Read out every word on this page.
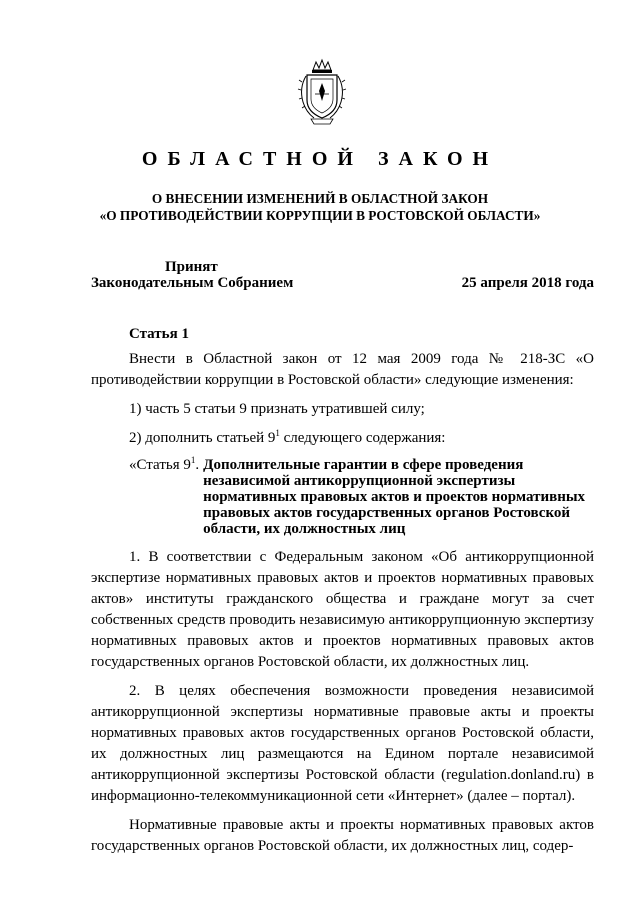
ОБЛАСТНОЙ ЗАКОН
О ВНЕСЕНИИ ИЗМЕНЕНИЙ В ОБЛАСТНОЙ ЗАКОН
«О ПРОТИВОДЕЙСТВИИ КОРРУПЦИИ В РОСТОВСКОЙ ОБЛАСТИ»
Принят
Законодательным Собранием	25 апреля 2018 года
Статья 1

Внести в Областной закон от 12 мая 2009 года № 218-ЗС «О противодействии коррупции в Ростовской области» следующие изменения:

1) часть 5 статьи 9 признать утратившей силу;

2) дополнить статьей $9^1$ следующего содержания:

«Статья $9^1$. Дополнительные гарантии в сфере проведения независимой антикоррупционной экспертизы нормативных правовых актов и проектов нормативных правовых актов государственных органов Ростовской области, их должностных лиц

1. В соответствии с Федеральным законом «Об антикоррупционной экспертизе нормативных правовых актов и проектов нормативных правовых актов» институты гражданского общества и граждане могут за счет собственных средств проводить независимую антикоррупционную экспертизу нормативных правовых актов и проектов нормативных правовых актов государственных органов Ростовской области, их должностных лиц.

2. В целях обеспечения возможности проведения независимой антикоррупционной экспертизы нормативные правовые акты и проекты нормативных правовых актов государственных органов Ростовской области, их должностных лиц размещаются на Едином портале независимой антикоррупционной экспертизы Ростовской области (regulation.donland.ru) в информационно-телекоммуникационной сети «Интернет» (далее – портал).

Нормативные правовые акты и проекты нормативных правовых актов государственных органов Ростовской области, их должностных лиц, содер-
